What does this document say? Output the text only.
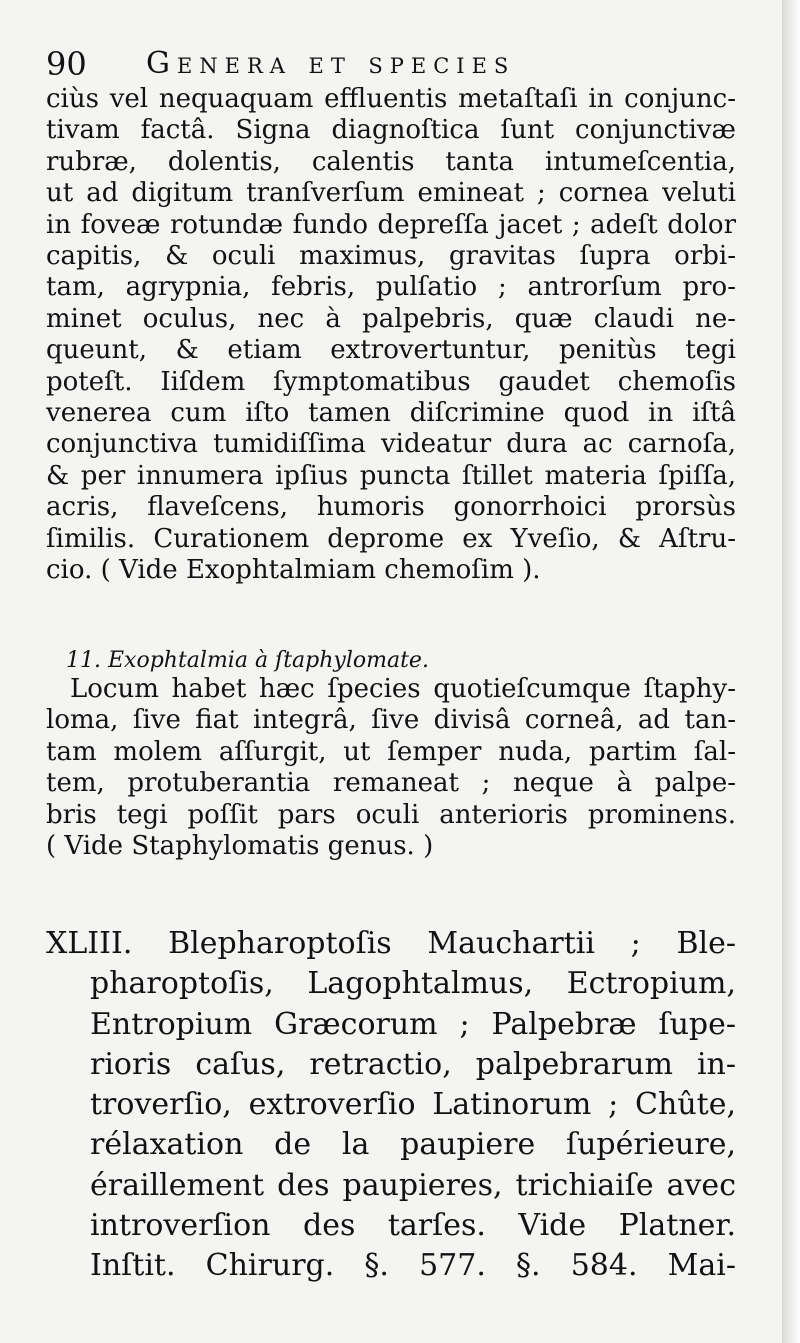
90 Genera et species
ciùs vel nequaquam effluentis metaſtaſi in conjunc-
tivam factâ. Signa diagnoſtica ſunt conjunctivæ
rubræ, dolentis, calentis tanta intumeſcentia,
ut ad digitum tranſverſum emineat ; cornea veluti
in foveæ rotundæ fundo depreſſa jacet ; adeſt dolor
capitis, & oculi maximus, gravitas ſupra orbi-
tam, agrypnia, febris, pulſatio ; antrorſum pro-
minet oculus, nec à palpebris, quæ claudi ne-
queunt, & etiam extrovertuntur, penitùs tegi
poteſt. Iiſdem ſymptomatibus gaudet chemoſis
venerea cum iſto tamen diſcrimine quod in iſtâ
conjunctiva tumidiſſima videatur dura ac carnoſa,
& per innumera ipſius puncta ſtillet materia ſpiſſa,
acris, flaveſcens, humoris gonorrhoici prorsùs
ſimilis. Curationem deprome ex Yveſio, & Aſtru-
cio. ( Vide Exophtalmiam chemoſim ).
11. Exophtalmia à ſtaphylomate.
Locum habet hæc ſpecies quotieſcumque ſtaphy-
loma, ſive fiat integrâ, ſive divisâ corneâ, ad tan-
tam molem aſſurgit, ut ſemper nuda, partim ſal-
tem, protuberantia remaneat ; neque à palpe-
bris tegi poſſit pars oculi anterioris prominens.
( Vide Staphylomatis genus. )
XLIII. Blepharoptoſis Mauchartii ; Ble-
pharoptoſis, Lagophtalmus, Ectropium,
Entropium Græcorum ; Palpebræ ſupe-
rioris caſus, retractio, palpebrarum in-
troverſio, extroverſio Latinorum ; Chûte,
rélaxation de la paupiere ſupérieure,
éraillement des paupieres, trichiaiſe avec
introverſion des tarſes. Vide Platner.
Inſtit. Chirurg. §. 577. §. 584. Mai-
